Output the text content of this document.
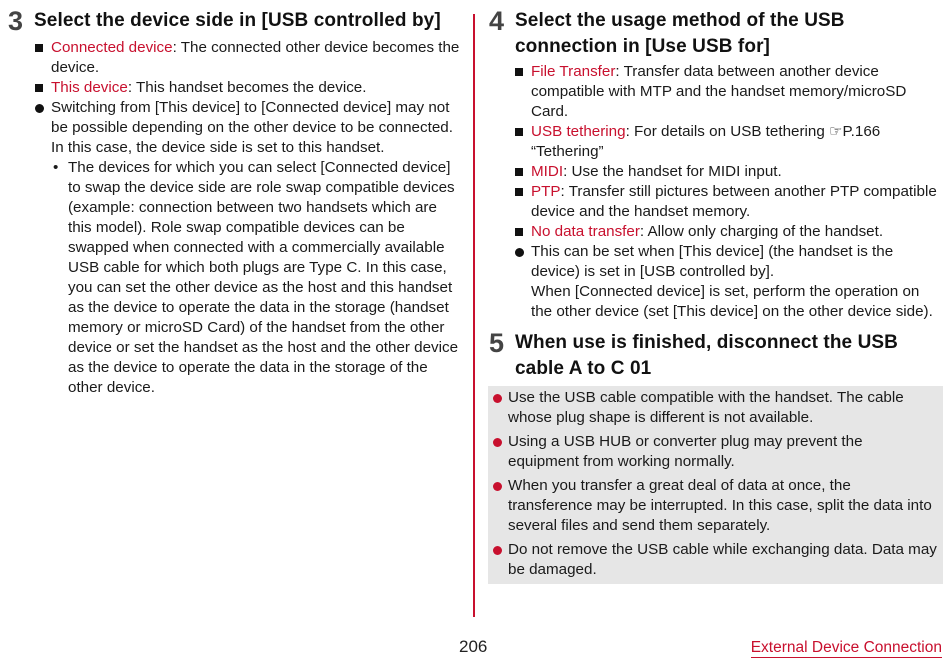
3 Select the device side in [USB controlled by]
Connected device: The connected other device becomes the device.
This device: This handset becomes the device.
Switching from [This device] to [Connected device] may not be possible depending on the other device to be connected. In this case, the device side is set to this handset.
• The devices for which you can select [Connected device] to swap the device side are role swap compatible devices (example: connection between two handsets which are this model). Role swap compatible devices can be swapped when connected with a commercially available USB cable for which both plugs are Type C. In this case, you can set the other device as the host and this handset as the device to operate the data in the storage (handset memory or microSD Card) of the handset from the other device or set the handset as the host and the other device as the device to operate the data in the storage of the other device.
4 Select the usage method of the USB connection in [Use USB for]
File Transfer: Transfer data between another device compatible with MTP and the handset memory/microSD Card.
USB tethering: For details on USB tethering ☞P.166 “Tethering”
MIDI: Use the handset for MIDI input.
PTP: Transfer still pictures between another PTP compatible device and the handset memory.
No data transfer: Allow only charging of the handset.
This can be set when [This device] (the handset is the device) is set in [USB controlled by].
When [Connected device] is set, perform the operation on the other device (set [This device] on the other device side).
5 When use is finished, disconnect the USB cable A to C 01
Use the USB cable compatible with the handset. The cable whose plug shape is different is not available.
Using a USB HUB or converter plug may prevent the equipment from working normally.
When you transfer a great deal of data at once, the transference may be interrupted. In this case, split the data into several files and send them separately.
Do not remove the USB cable while exchanging data. Data may be damaged.
206	External Device Connection
